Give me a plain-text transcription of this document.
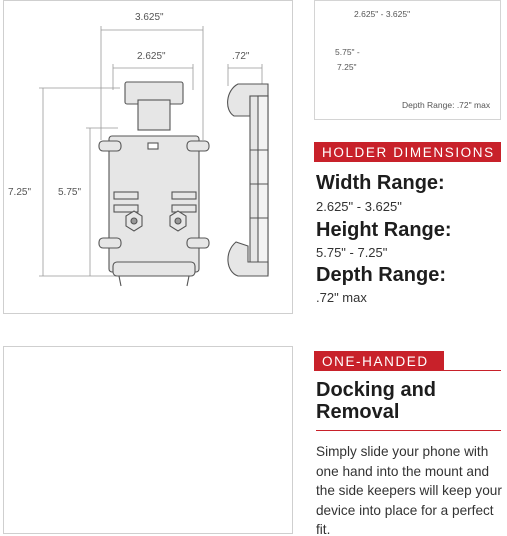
3.625"
2.625"	.72"
7.25"	5.75"
2.625" - 3.625"
5.75" -
7.25"
Depth Range: .72" max
HOLDER DIMENSIONS
Width Range:
2.625" - 3.625"
Height Range:
5.75" - 7.25"
Depth Range:
.72" max
ONE-HANDED
Docking and
Removal
Simply slide your phone with one hand into the mount and the side keepers will keep your device into place for a perfect fit.
